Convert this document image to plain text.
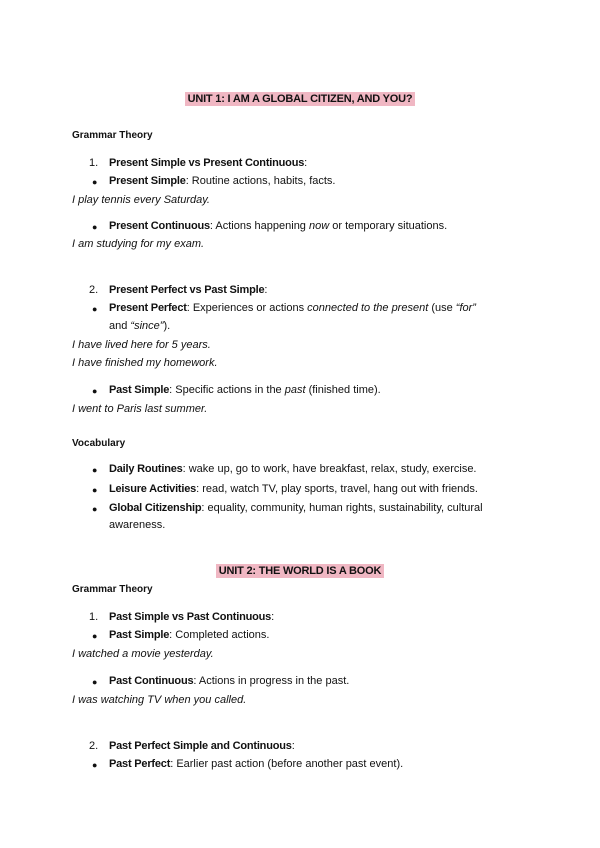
UNIT 1: I AM A GLOBAL CITIZEN, AND YOU?
Grammar Theory
1. Present Simple vs Present Continuous:
● Present Simple: Routine actions, habits, facts.
I play tennis every Saturday.
● Present Continuous: Actions happening now or temporary situations.
I am studying for my exam.
2. Present Perfect vs Past Simple:
● Present Perfect: Experiences or actions connected to the present (use “for”
and “since”).
I have lived here for 5 years.
I have finished my homework.
● Past Simple: Specific actions in the past (finished time).
I went to Paris last summer.
Vocabulary
● Daily Routines: wake up, go to work, have breakfast, relax, study, exercise.
● Leisure Activities: read, watch TV, play sports, travel, hang out with friends.
● Global Citizenship: equality, community, human rights, sustainability, cultural
awareness.
UNIT 2: THE WORLD IS A BOOK
Grammar Theory
1. Past Simple vs Past Continuous:
● Past Simple: Completed actions.
I watched a movie yesterday.
● Past Continuous: Actions in progress in the past.
I was watching TV when you called.
2. Past Perfect Simple and Continuous:
● Past Perfect: Earlier past action (before another past event).
